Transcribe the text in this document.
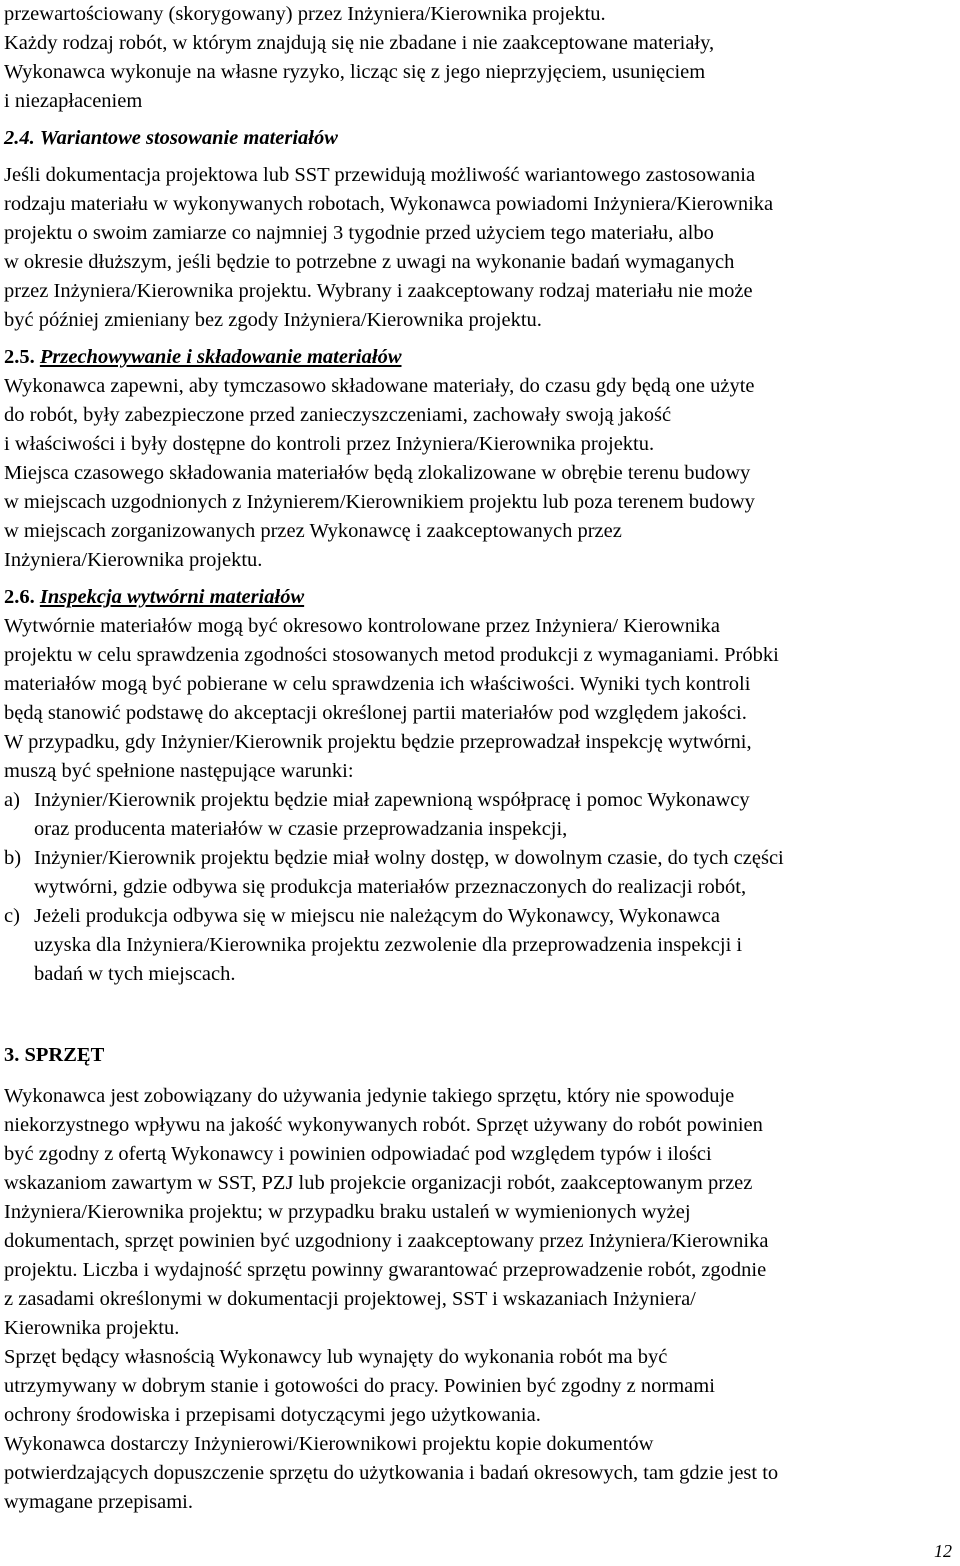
przewartościowany (skorygowany) przez Inżyniera/Kierownika projektu.
Każdy rodzaj robót, w którym znajdują się nie zbadane i nie zaakceptowane materiały,
Wykonawca wykonuje na własne ryzyko, licząc się z jego nieprzyjęciem, usunięciem
i niezapłaceniem
2.4. Wariantowe stosowanie materiałów
Jeśli dokumentacja projektowa lub SST przewidują możliwość wariantowego zastosowania
rodzaju materiału w wykonywanych robotach, Wykonawca powiadomi Inżyniera/Kierownika
projektu o swoim zamiarze co najmniej 3 tygodnie przed użyciem tego materiału, albo
w okresie dłuższym, jeśli będzie to potrzebne z uwagi na wykonanie badań wymaganych
przez Inżyniera/Kierownika projektu. Wybrany i zaakceptowany rodzaj materiału nie może
być później zmieniany bez zgody Inżyniera/Kierownika projektu.
2.5. Przechowywanie i składowanie materiałów
Wykonawca zapewni, aby tymczasowo składowane materiały, do czasu gdy będą one użyte
do robót, były zabezpieczone przed zanieczyszczeniami, zachowały swoją jakość
i właściwości i były dostępne do kontroli przez Inżyniera/Kierownika projektu.
Miejsca czasowego składowania materiałów będą zlokalizowane w obrębie terenu budowy
w miejscach uzgodnionych z Inżynierem/Kierownikiem projektu lub poza terenem budowy
w miejscach zorganizowanych przez Wykonawcę i zaakceptowanych przez
Inżyniera/Kierownika projektu.
2.6. Inspekcja wytwórni materiałów
Wytwórnie materiałów mogą być okresowo kontrolowane przez Inżyniera/ Kierownika
projektu w celu sprawdzenia zgodności stosowanych metod produkcji z wymaganiami. Próbki
materiałów mogą być pobierane w celu sprawdzenia ich właściwości. Wyniki tych kontroli
będą stanowić podstawę do akceptacji określonej partii materiałów pod względem jakości.
W przypadku, gdy Inżynier/Kierownik projektu będzie przeprowadzał inspekcję wytwórni,
muszą być spełnione następujące warunki:
a) Inżynier/Kierownik projektu będzie miał zapewnioną współpracę i pomoc Wykonawcy
oraz producenta materiałów w czasie przeprowadzania inspekcji,
b) Inżynier/Kierownik projektu będzie miał wolny dostęp, w dowolnym czasie, do tych części
wytwórni, gdzie odbywa się produkcja materiałów przeznaczonych do realizacji robót,
c) Jeżeli produkcja odbywa się w miejscu nie należącym do Wykonawcy, Wykonawca
uzyska dla Inżyniera/Kierownika projektu zezwolenie dla przeprowadzenia inspekcji i
badań w tych miejscach.
3. SPRZĘT
Wykonawca jest zobowiązany do używania jedynie takiego sprzętu, który nie spowoduje
niekorzystnego wpływu na jakość wykonywanych robót. Sprzęt używany do robót powinien
być zgodny z ofertą Wykonawcy i powinien odpowiadać pod względem typów i ilości
wskazaniom zawartym w SST, PZJ lub projekcie organizacji robót, zaakceptowanym przez
Inżyniera/Kierownika projektu; w przypadku braku ustaleń w wymienionych wyżej
dokumentach, sprzęt powinien być uzgodniony i zaakceptowany przez Inżyniera/Kierownika
projektu. Liczba i wydajność sprzętu powinny gwarantować przeprowadzenie robót, zgodnie
z zasadami określonymi w dokumentacji projektowej, SST i wskazaniach Inżyniera/
Kierownika projektu.
Sprzęt będący własnością Wykonawcy lub wynajęty do wykonania robót ma być
utrzymywany w dobrym stanie i gotowości do pracy. Powinien być zgodny z normami
ochrony środowiska i przepisami dotyczącymi jego użytkowania.
Wykonawca dostarczy Inżynierowi/Kierownikowi projektu kopie dokumentów
potwierdzających dopuszczenie sprzętu do użytkowania i badań okresowych, tam gdzie jest to
wymagane przepisami.
12
